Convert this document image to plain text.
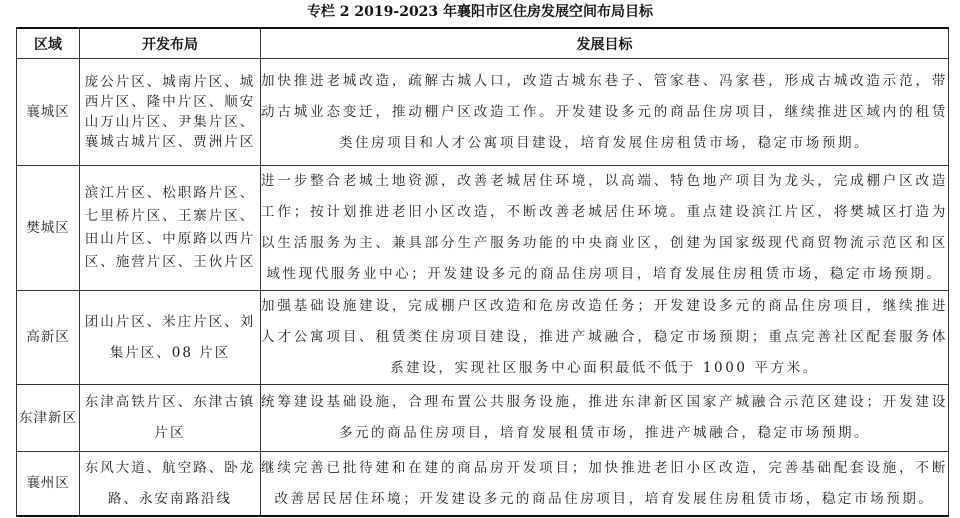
专栏 2 2019-2023 年襄阳市区住房发展空间布局目标
区域	开发布局	发展目标
襄城区	庞公片区、城南片区、城西片区、隆中片区、顺安山万山片区、尹集片区、襄城古城片区、贾洲片区	加快推进老城改造，疏解古城人口，改造古城东巷子、管家巷、冯家巷，形成古城改造示范，带动古城业态变迁，推动棚户区改造工作。开发建设多元的商品住房项目，继续推进区域内的租赁类住房项目和人才公寓项目建设，培育发展住房租赁市场，稳定市场预期。
樊城区	滨江片区、松职路片区、七里桥片区、王寨片区、田山片区、中原路以西片区、施营片区、王伙片区	进一步整合老城土地资源，改善老城居住环境，以高端、特色地产项目为龙头，完成棚户区改造工作；按计划推进老旧小区改造，不断改善老城居住环境。重点建设滨江片区，将樊城区打造为以生活服务为主、兼具部分生产服务功能的中央商业区，创建为国家级现代商贸物流示范区和区域性现代服务业中心；开发建设多元的商品住房项目，培育发展住房租赁市场，稳定市场预期。
高新区	团山片区、米庄片区、刘集片区、08 片区	加强基础设施建设，完成棚户区改造和危房改造任务；开发建设多元的商品住房项目，继续推进人才公寓项目、租赁类住房项目建设，推进产城融合，稳定市场预期；重点完善社区配套服务体系建设，实现社区服务中心面积最低不低于 1000 平方米。
东津新区	东津高铁片区、东津古镇片区	统筹建设基础设施，合理布置公共服务设施，推进东津新区国家产城融合示范区建设；开发建设多元的商品住房项目，培育发展租赁市场，推进产城融合，稳定市场预期。
襄州区	东风大道、航空路、卧龙路、永安南路沿线	继续完善已批待建和在建的商品房开发项目；加快推进老旧小区改造，完善基础配套设施，不断改善居民居住环境；开发建设多元的商品住房项目，培育发展住房租赁市场，稳定市场预期。
